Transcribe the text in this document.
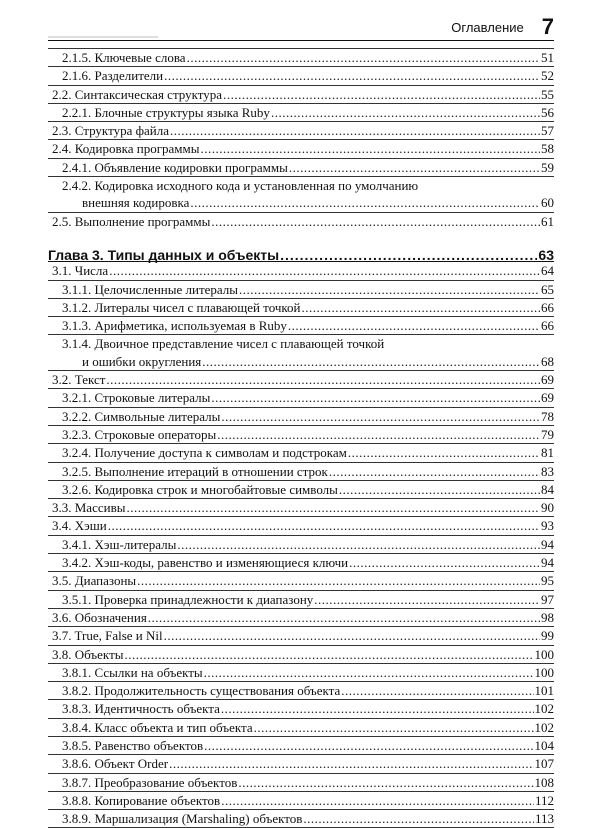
Оглавление 7
2.1.5. Ключевые слова .....	51
2.1.6. Разделители .....	52
2.2. Синтаксическая структура .....	55
2.2.1. Блочные структуры языка Ruby .....	56
2.3. Структура файла .....	57
2.4. Кодировка программы .....	58
2.4.1. Объявление кодировки программы .....	59
2.4.2. Кодировка исходного кода и установленная по умолчанию
внешняя кодировка .....	60
2.5. Выполнение программы .....	61
Глава 3. Типы данных и объекты .....	63
3.1. Числа .....	64
3.1.1. Целочисленные литералы .....	65
3.1.2. Литералы чисел с плавающей точкой .....	66
3.1.3. Арифметика, используемая в Ruby .....	66
3.1.4. Двоичное представление чисел с плавающей точкой
и ошибки округления .....	68
3.2. Текст .....	69
3.2.1. Строковые литералы .....	69
3.2.2. Символьные литералы .....	78
3.2.3. Строковые операторы .....	79
3.2.4. Получение доступа к символам и подстрокам .....	81
3.2.5. Выполнение итераций в отношении строк .....	83
3.2.6. Кодировка строк и многобайтовые символы .....	84
3.3. Массивы .....	90
3.4. Хэши .....	93
3.4.1. Хэш-литералы .....	94
3.4.2. Хэш-коды, равенство и изменяющиеся ключи .....	94
3.5. Диапазоны .....	95
3.5.1. Проверка принадлежности к диапазону .....	97
3.6. Обозначения .....	98
3.7. True, False и Nil .....	99
3.8. Объекты .....	100
3.8.1. Ссылки на объекты .....	100
3.8.2. Продолжительность существования объекта .....	101
3.8.3. Идентичность объекта .....	102
3.8.4. Класс объекта и тип объекта .....	102
3.8.5. Равенство объектов .....	104
3.8.6. Объект Order .....	107
3.8.7. Преобразование объектов .....	108
3.8.8. Копирование объектов .....	112
3.8.9. Маршализация (Marshaling) объектов .....	113
